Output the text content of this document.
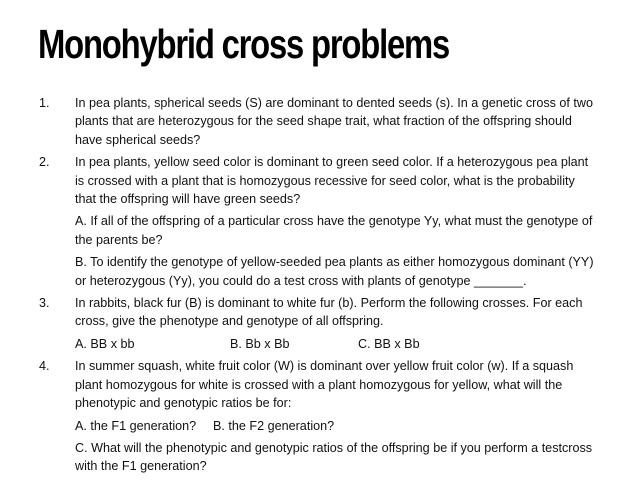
Monohybrid cross problems
1.	In pea plants, spherical seeds (S) are dominant to dented seeds (s). In a genetic cross of two plants that are heterozygous for the seed shape trait, what fraction of the offspring should have spherical seeds?
2.	In pea plants, yellow seed color is dominant to green seed color. If a heterozygous pea plant is crossed with a plant that is homozygous recessive for seed color, what is the probability that the offspring will have green seeds?
A. If all of the offspring of a particular cross have the genotype Yy, what must the genotype of the parents be?
B. To identify the genotype of yellow-seeded pea plants as either homozygous dominant (YY) or heterozygous (Yy), you could do a test cross with plants of genotype _______.
3.	In rabbits, black fur (B) is dominant to white fur (b). Perform the following crosses. For each cross, give the phenotype and genotype of all offspring.
A. BB x bb	B. Bb x Bb	C. BB x Bb
4.	In summer squash, white fruit color (W) is dominant over yellow fruit color (w). If a squash plant homozygous for white is crossed with a plant homozygous for yellow, what will the phenotypic and genotypic ratios be for:
A. the F1 generation?	B. the F2 generation?
C. What will the phenotypic and genotypic ratios of the offspring be if you perform a testcross with the F1 generation?
